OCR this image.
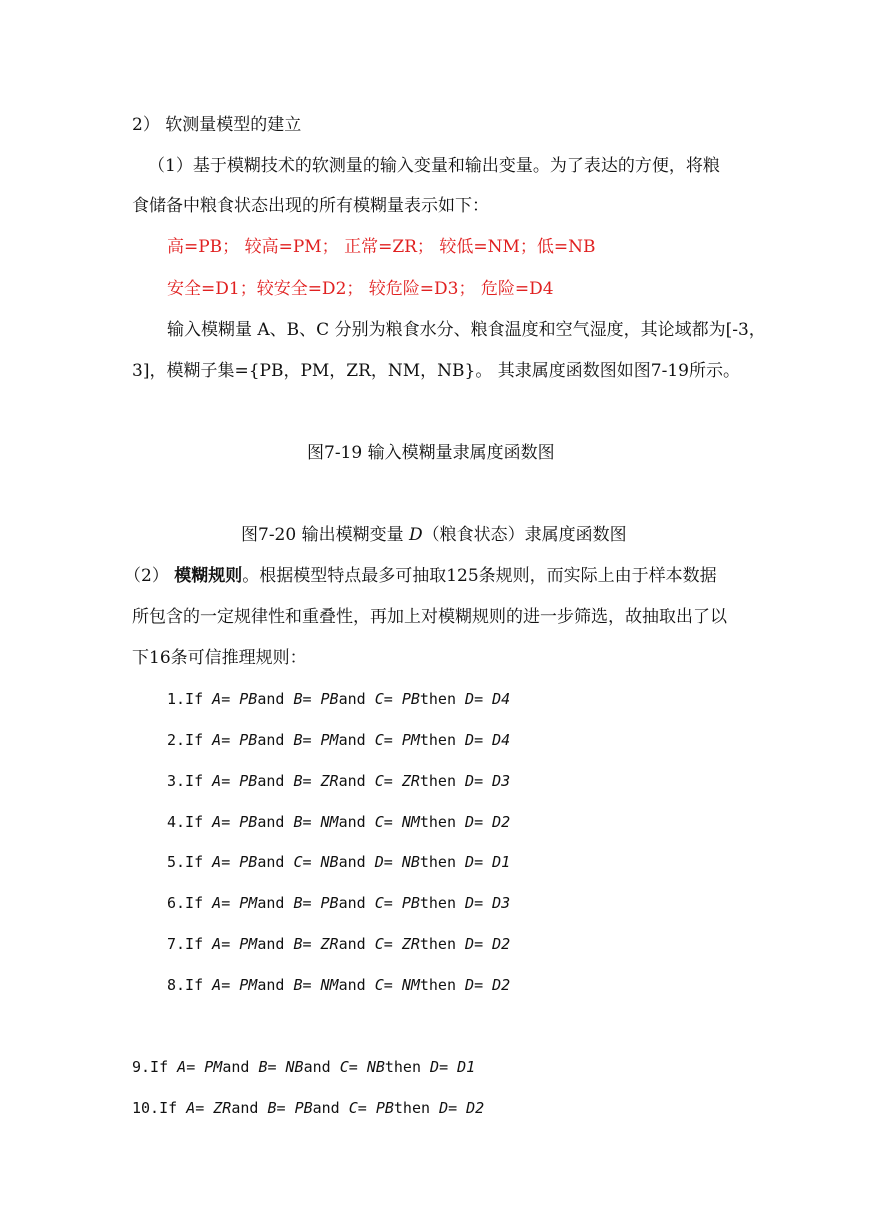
2） 软测量模型的建立
（1）基于模糊技术的软测量的输入变量和输出变量。为了表达的方便，将粮
食储备中粮食状态出现的所有模糊量表示如下：
高=PB； 较高=PM； 正常=ZR； 较低=NM；低=NB
安全=D1；较安全=D2； 较危险=D3； 危险=D4
输入模糊量 A、B、C 分别为粮食水分、粮食温度和空气湿度，其论域都为[-3，
3]，模糊子集={PB，PM，ZR，NM，NB}。 其隶属度函数图如图7-19所示。
图7-19 输入模糊量隶属度函数图
图7-20 输出模糊变量 D（粮食状态）隶属度函数图
（2） 模糊规则。根据模型特点最多可抽取125条规则，而实际上由于样本数据
所包含的一定规律性和重叠性，再加上对模糊规则的进一步筛选，故抽取出了以
下16条可信推理规则：
1.If A= PBand B= PBand C= PBthen D= D4
2.If A= PBand B= PMand C= PMthen D= D4
3.If A= PBand B= ZRand C= ZRthen D= D3
4.If A= PBand B= NMand C= NMthen D= D2
5.If A= PBand C= NBand D= NBthen D= D1
6.If A= PMand B= PBand C= PBthen D= D3
7.If A= PMand B= ZRand C= ZRthen D= D2
8.If A= PMand B= NMand C= NMthen D= D2
9.If A= PMand B= NBand C= NBthen D= D1
10.If A= ZRand B= PBand C= PBthen D= D2
